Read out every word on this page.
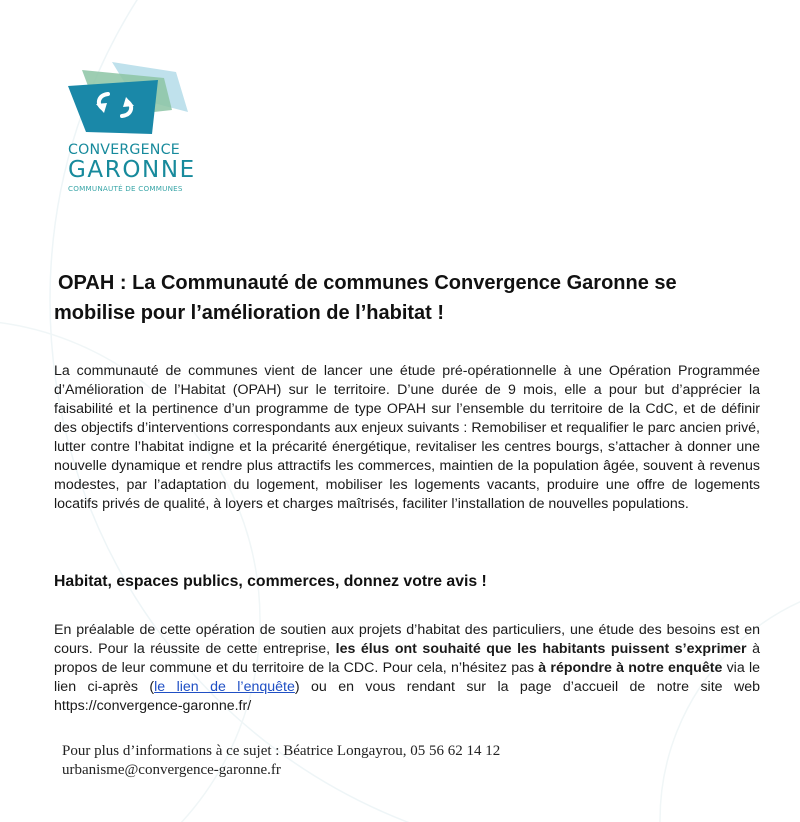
CONVERGENCE
GARONNE
COMMUNAUTÉ DE COMMUNES
OPAH : La Communauté de communes Convergence Garonne se
mobilise pour l’amélioration de l’habitat !

La communauté de communes vient de lancer une étude pré-opérationnelle à une Opération Programmée d’Amélioration de l’Habitat (OPAH) sur le territoire. D’une durée de 9 mois, elle a pour but d’apprécier la faisabilité et la pertinence d’un programme de type OPAH sur l’ensemble du territoire de la CdC, et de définir des objectifs d’interventions correspondants aux enjeux suivants : Remobiliser et requalifier le parc ancien privé, lutter contre l’habitat indigne et la précarité énergétique, revitaliser les centres bourgs, s’attacher à donner une nouvelle dynamique et rendre plus attractifs les commerces, maintien de la population âgée, souvent à revenus modestes, par l’adaptation du logement, mobiliser les logements vacants, produire une offre de logements locatifs privés de qualité, à loyers et charges maîtrisés, faciliter l’installation de nouvelles populations.

Habitat, espaces publics, commerces, donnez votre avis !

En préalable de cette opération de soutien aux projets d’habitat des particuliers, une étude des besoins est en cours. Pour la réussite de cette entreprise, les élus ont souhaité que les habitants puissent s’exprimer à propos de leur commune et du territoire de la CDC. Pour cela, n’hésitez pas à répondre à notre enquête via le lien ci-après (le lien de l’enquête) ou en vous rendant sur la page d’accueil de notre site web https://convergence-garonne.fr/

Pour plus d’informations à ce sujet : Béatrice Longayrou, 05 56 62 14 12
urbanisme@convergence-garonne.fr
